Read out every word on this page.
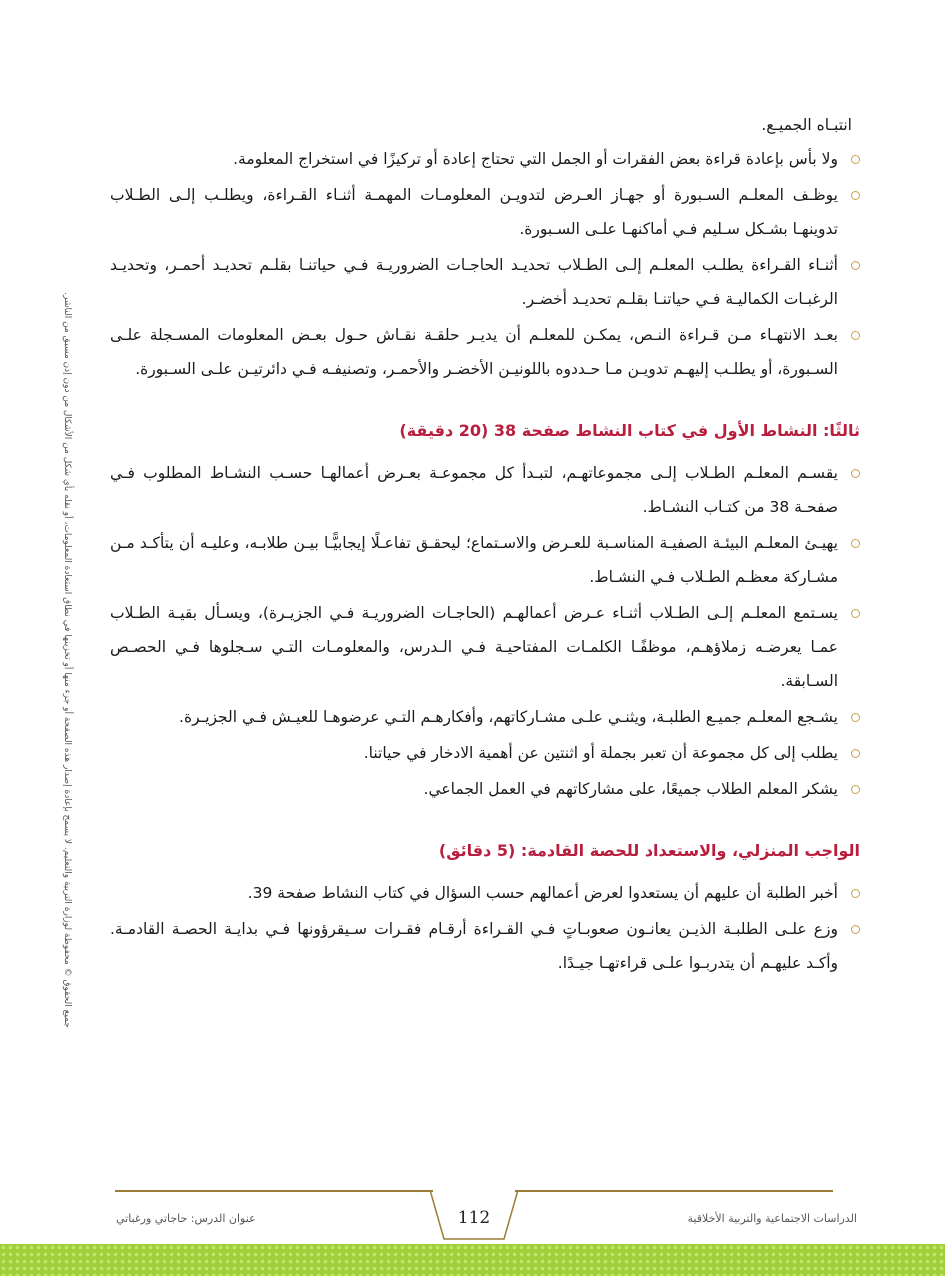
انتبـاه الجميـع.

ولا بأس بإعادة قراءة بعض الفقرات أو الجمل التي تحتاج إعادة أو تركيزًا في استخراج المعلومة.
يوظـف المعلـم السـبورة أو جهـاز العـرض لتدويـن المعلومـات المهمـة أثنـاء القـراءة، ويطلـب إلـى الطـلاب تدوينهـا بشـكل سـليم فـي أماكنهـا علـى السـبورة.
أثنـاء القـراءة يطلـب المعلـم إلـى الطـلاب تحديـد الحاجـات الضروريـة فـي حياتنـا بقلـم تحديـد أحمـر، وتحديـد الرغبـات الكماليـة فـي حياتنـا بقلـم تحديـد أخضـر.
بعـد الانتهـاء مـن قـراءة النـص، يمكـن للمعلـم أن يديـر حلقـة نقـاش حـول بعـض المعلومات المسـجلة علـى السـبورة، أو يطلـب إليهـم تدويـن مـا حـددوه باللونيـن الأخضـر والأحمـر، وتصنيفـه فـي دائرتيـن علـى السـبورة.
ثالثًا: النشاط الأول في كتاب النشاط صفحة 38 (20 دقيقة)
يقسـم المعلـم الطـلاب إلـى مجموعاتهـم، لتبـدأ كل مجموعـة بعـرض أعمالهـا حسـب النشـاط المطلوب فـي صفحـة 38 من كتـاب النشـاط.
يهيـئ المعلـم البيئـة الصفيـة المناسـبة للعـرض والاسـتماع؛ ليحقـق تفاعـلًا إيجابيًّـا بيـن طلابـه، وعليـه أن يتأكـد مـن مشـاركة معظـم الطـلاب فـي النشـاط.
يسـتمع المعلـم إلـى الطـلاب أثنـاء عـرض أعمالهـم (الحاجـات الضروريـة فـي الجزيـرة)، ويسـأل بقيـة الطـلاب عمـا يعرضـه زملاؤهـم، موظفًـا الكلمـات المفتاحيـة فـي الـدرس، والمعلومـات التـي سـجلوها فـي الحصـص السـابقة.
يشـجع المعلـم جميـع الطلبـة، ويثنـي علـى مشـاركاتهم، وأفكارهـم التـي عرضوهـا للعيـش فـي الجزيـرة.
يطلب إلى كل مجموعة أن تعبر بجملة أو اثنتين عن أهمية الادخار في حياتنا.
يشكر المعلم الطلاب جميعًا، على مشاركاتهم في العمل الجماعي.
الواجب المنزلي، والاستعداد للحصة القادمة: (5 دقائق)
أخبر الطلبة أن عليهم أن يستعدوا لعرض أعمالهم حسب السؤال في كتاب النشاط صفحة 39.
وزع علـى الطلبـة الذيـن يعانـون صعوبـاتٍ فـي القـراءة أرقـام فقـرات سـيقرؤونها فـي بدايـة الحصـة القادمـة. وأكـد عليهـم أن يتدربـوا علـى قراءتهـا جيـدًا.
جميع الحقوق © محفوظة لوزارة التربية والتعليم. لا يسمح بإعادة إصدار هذه الصفحة أو جزء منها أو تخزينها في نطاق استعادة المعلومات، أو نقله بأي شكل من الأشكال من دون إذن مسبق من الناشر.
112
عنوان الدرس: حاجاتي ورغباتي	الدراسات الاجتماعية والتربية الأخلاقية
